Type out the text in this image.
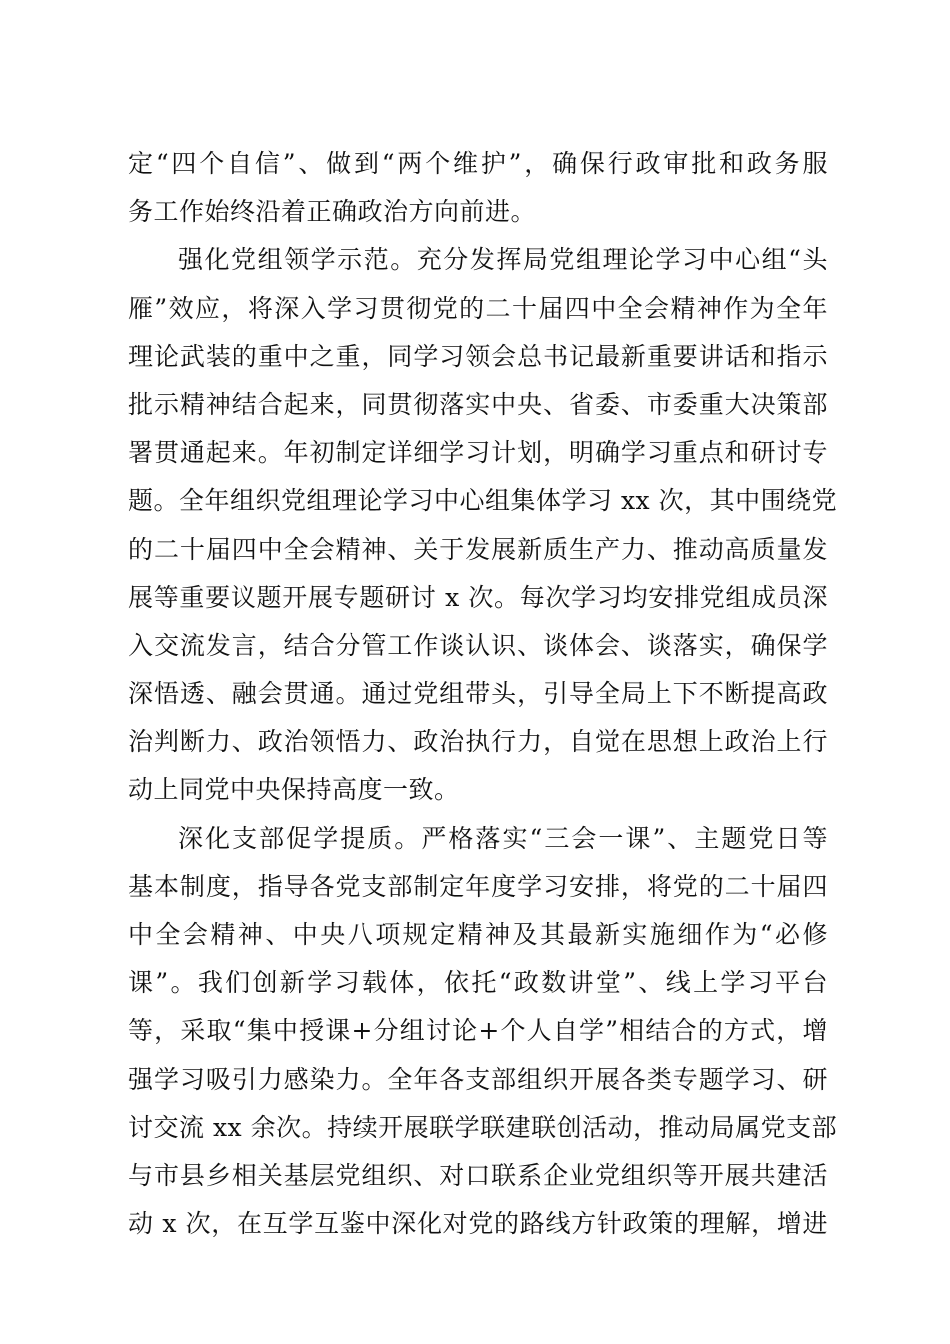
定“四个自信”、做到“两个维护”，确保行政审批和政务服
务工作始终沿着正确政治方向前进。
强化党组领学示范。充分发挥局党组理论学习中心组“头
雁”效应，将深入学习贯彻党的二十届四中全会精神作为全年
理论武装的重中之重，同学习领会总书记最新重要讲话和指示
批示精神结合起来，同贯彻落实中央、省委、市委重大决策部
署贯通起来。年初制定详细学习计划，明确学习重点和研讨专
题。全年组织党组理论学习中心组集体学习 xx 次，其中围绕党
的二十届四中全会精神、关于发展新质生产力、推动高质量发
展等重要议题开展专题研讨 x 次。每次学习均安排党组成员深
入交流发言，结合分管工作谈认识、谈体会、谈落实，确保学
深悟透、融会贯通。通过党组带头，引导全局上下不断提高政
治判断力、政治领悟力、政治执行力，自觉在思想上政治上行
动上同党中央保持高度一致。
深化支部促学提质。严格落实“三会一课”、主题党日等
基本制度，指导各党支部制定年度学习安排，将党的二十届四
中全会精神、中央八项规定精神及其最新实施细作为“必修
课”。我们创新学习载体，依托“政数讲堂”、线上学习平台
等，采取“集中授课+分组讨论+个人自学”相结合的方式，增
强学习吸引力感染力。全年各支部组织开展各类专题学习、研
讨交流 xx 余次。持续开展联学联建联创活动，推动局属党支部
与市县乡相关基层党组织、对口联系企业党组织等开展共建活
动 x 次，在互学互鉴中深化对党的路线方针政策的理解，增进
